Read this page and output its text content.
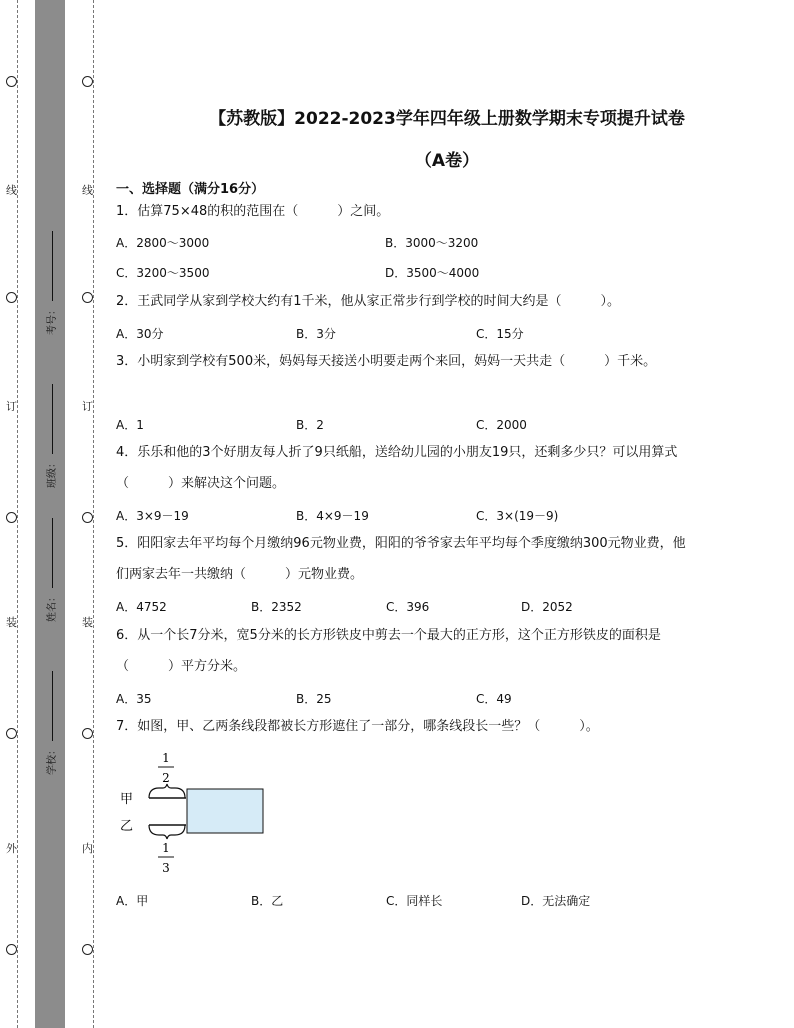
线
订
装
外
线
订
装
内
考号：
班级：
姓名：
学校：
【苏教版】2022-2023学年四年级上册数学期末专项提升试卷
（A卷）
一、选择题（满分16分）
1．估算75×48的积的范围在（　　　）之间。
A．2800～3000	B．3000～3200
C．3200～3500	D．3500～4000
2．王武同学从家到学校大约有1千米，他从家正常步行到学校的时间大约是（　　　）。
A．30分	B．3分	C．15分
3．小明家到学校有500米，妈妈每天接送小明要走两个来回，妈妈一天共走（　　　）千米。
A．1	B．2	C．2000
4．乐乐和他的3个好朋友每人折了9只纸船，送给幼儿园的小朋友19只，还剩多少只？可以用算式（　　　）来解决这个问题。
A．3×9－19	B．4×9－19	C．3×(19－9)
5．阳阳家去年平均每个月缴纳96元物业费，阳阳的爷爷家去年平均每个季度缴纳300元物业费，他们两家去年一共缴纳（　　　）元物业费。
A．4752	B．2352	C．396	D．2052
6．从一个长7分米，宽5分米的长方形铁皮中剪去一个最大的正方形，这个正方形铁皮的面积是（　　　）平方分米。
A．35	B．25	C．49
7．如图，甲、乙两条线段都被长方形遮住了一部分，哪条线段长一些？（　　　）。
1
2
甲
乙
1
3
A．甲	B．乙	C．同样长	D．无法确定
